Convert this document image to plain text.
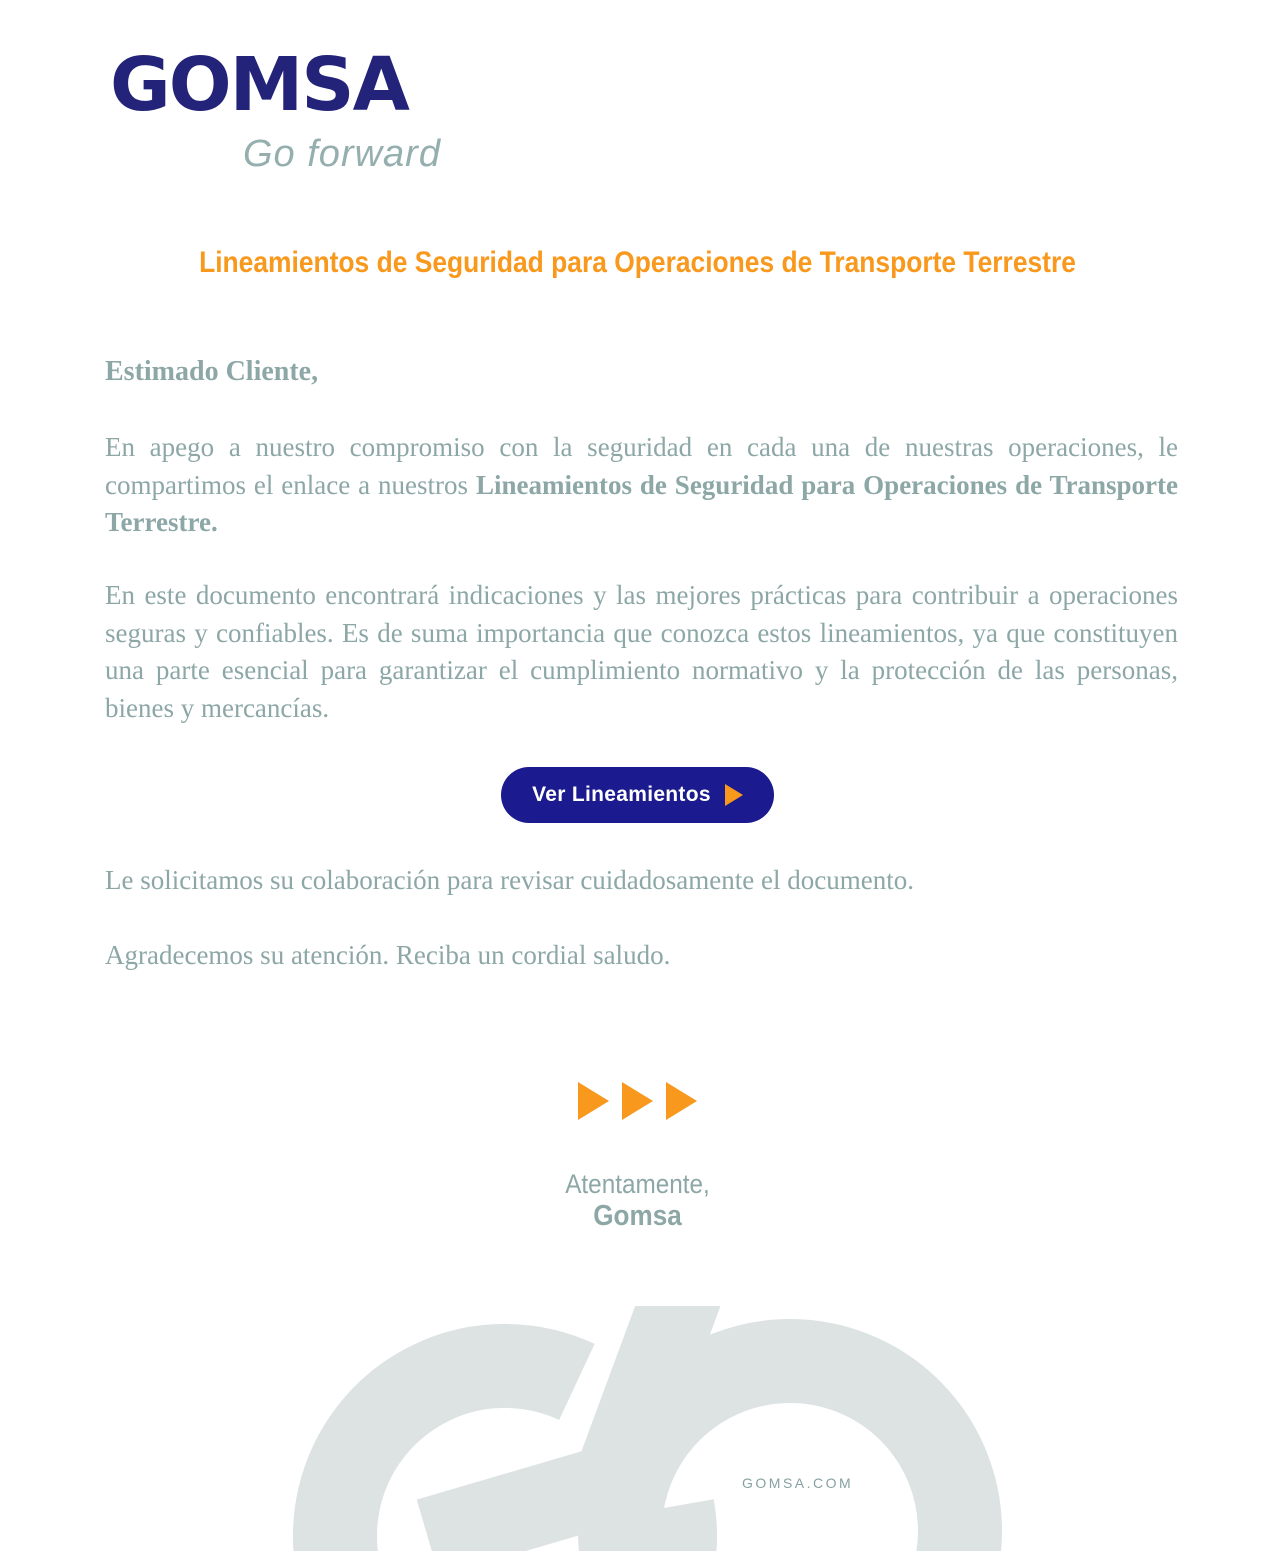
GOMSA
Go forward
Lineamientos de Seguridad para Operaciones de Transporte Terrestre

Estimado Cliente,

En apego a nuestro compromiso con la seguridad en cada una de nuestras operaciones, le compartimos el enlace a nuestros Lineamientos de Seguridad para Operaciones de Transporte Terrestre.

En este documento encontrará indicaciones y las mejores prácticas para contribuir a operaciones seguras y confiables. Es de suma importancia que conozca estos lineamientos, ya que constituyen una parte esencial para garantizar el cumplimiento normativo y la protección de las personas, bienes y mercancías.

Ver Lineamientos

Le solicitamos su colaboración para revisar cuidadosamente el documento.

Agradecemos su atención. Reciba un cordial saludo.

Atentamente,
Gomsa
GOMSA.COM
